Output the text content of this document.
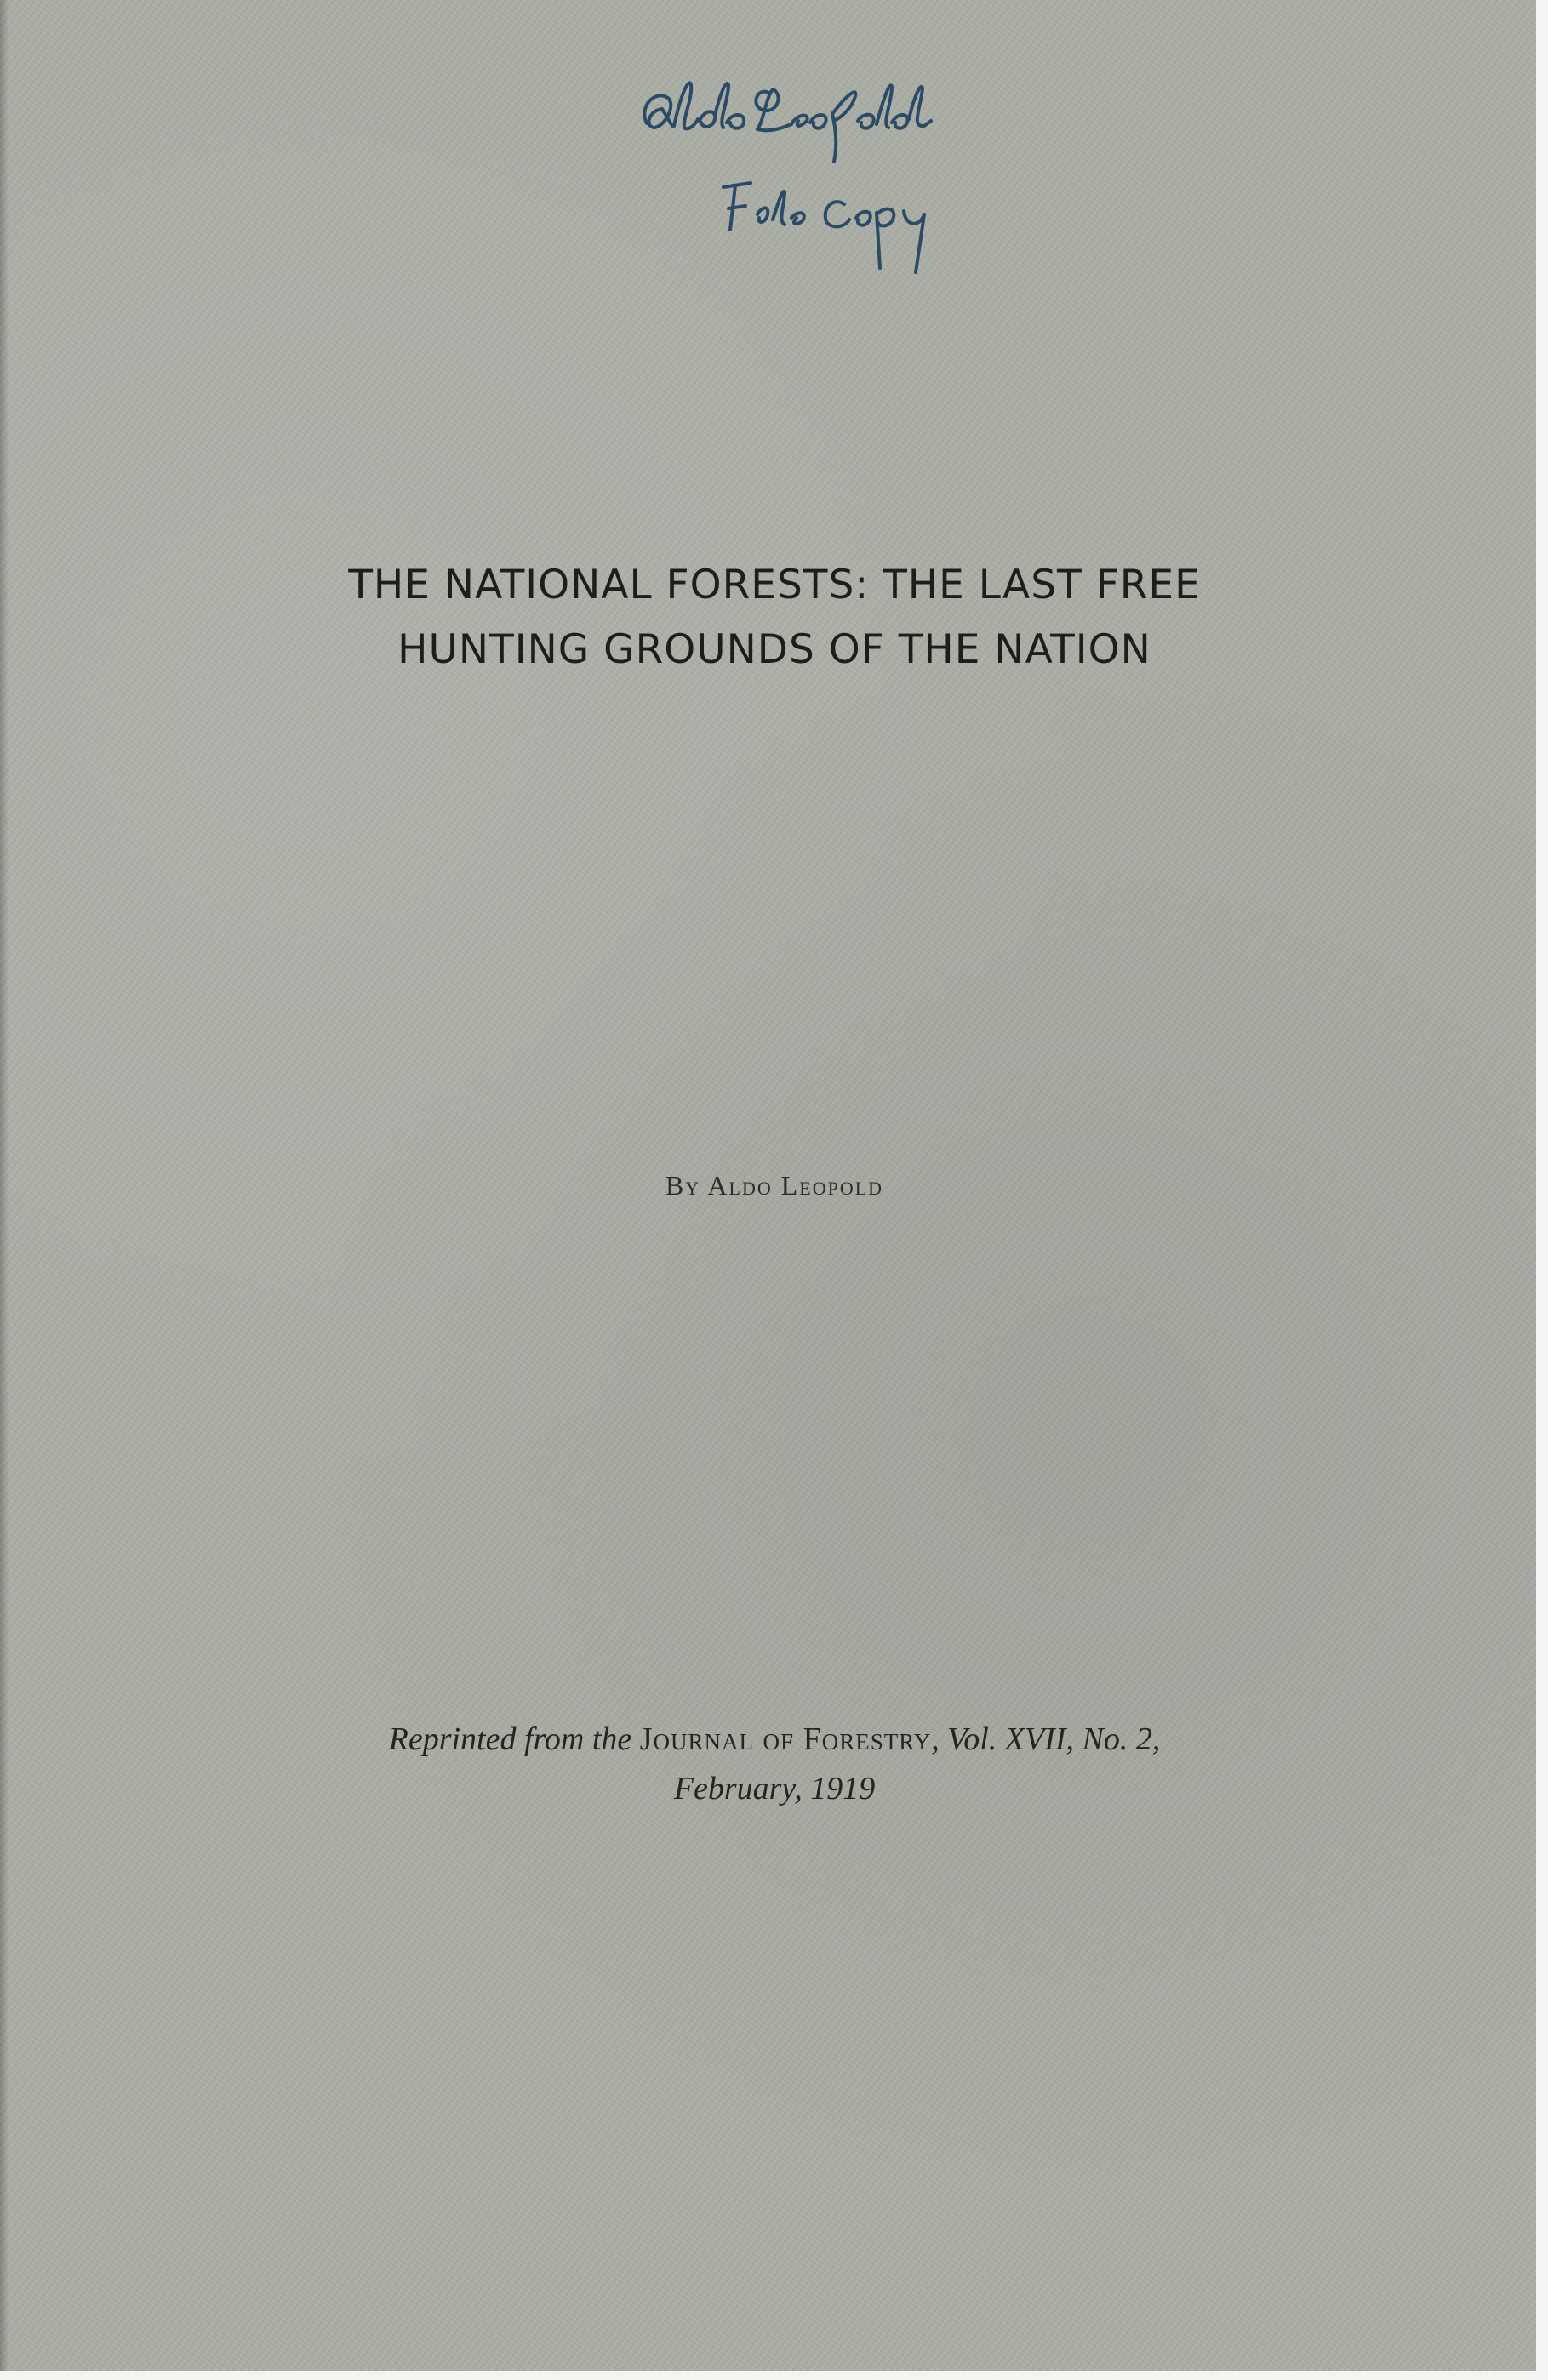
THE NATIONAL FORESTS: THE LAST FREE
HUNTING GROUNDS OF THE NATION
By Aldo Leopold
Reprinted from the Journal of Forestry, Vol. XVII, No. 2,
February, 1919
